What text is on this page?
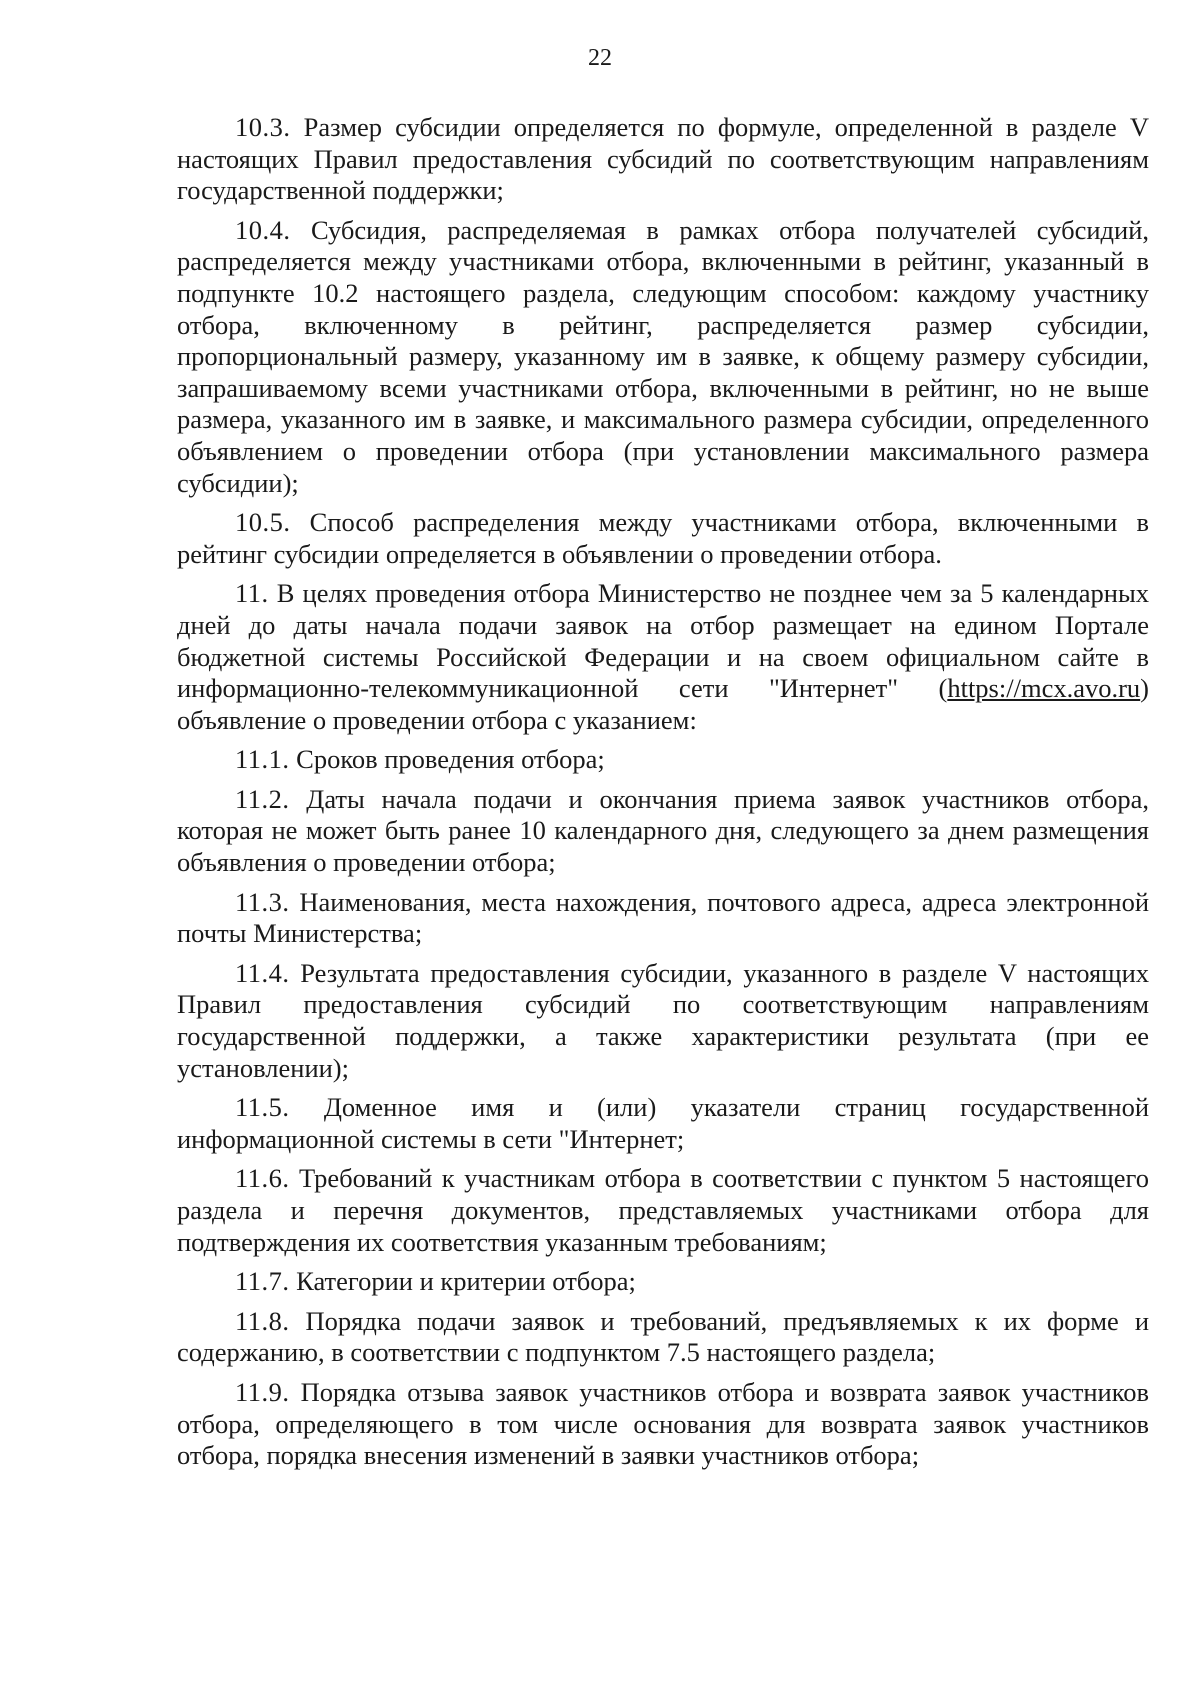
22

10.3. Размер субсидии определяется по формуле, определенной в разделе V настоящих Правил предоставления субсидий по соответствующим направлениям государственной поддержки;

10.4. Субсидия, распределяемая в рамках отбора получателей субсидий, распределяется между участниками отбора, включенными в рейтинг, указанный в подпункте 10.2 настоящего раздела, следующим способом: каждому участнику отбора, включенному в рейтинг, распределяется размер субсидии, пропорциональный размеру, указанному им в заявке, к общему размеру субсидии, запрашиваемому всеми участниками отбора, включенными в рейтинг, но не выше размера, указанного им в заявке, и максимального размера субсидии, определенного объявлением о проведении отбора (при установлении максимального размера субсидии);

10.5. Способ распределения между участниками отбора, включенными в рейтинг субсидии определяется в объявлении о проведении отбора.

11. В целях проведения отбора Министерство не позднее чем за 5 календарных дней до даты начала подачи заявок на отбор размещает на едином Портале бюджетной системы Российской Федерации и на своем официальном сайте в информационно-телекоммуникационной сети "Интернет" (https://mcx.avo.ru) объявление о проведении отбора с указанием:

11.1. Сроков проведения отбора;

11.2. Даты начала подачи и окончания приема заявок участников отбора, которая не может быть ранее 10 календарного дня, следующего за днем размещения объявления о проведении отбора;

11.3. Наименования, места нахождения, почтового адреса, адреса электронной почты Министерства;

11.4. Результата предоставления субсидии, указанного в разделе V настоящих Правил предоставления субсидий по соответствующим направлениям государственной поддержки, а также характеристики результата (при ее установлении);

11.5. Доменное имя и (или) указатели страниц государственной информационной системы в сети "Интернет;

11.6. Требований к участникам отбора в соответствии с пунктом 5 настоящего раздела и перечня документов, представляемых участниками отбора для подтверждения их соответствия указанным требованиям;

11.7. Категории и критерии отбора;

11.8. Порядка подачи заявок и требований, предъявляемых к их форме и содержанию, в соответствии с подпунктом 7.5 настоящего раздела;

11.9. Порядка отзыва заявок участников отбора и возврата заявок участников отбора, определяющего в том числе основания для возврата заявок участников отбора, порядка внесения изменений в заявки участников отбора;
